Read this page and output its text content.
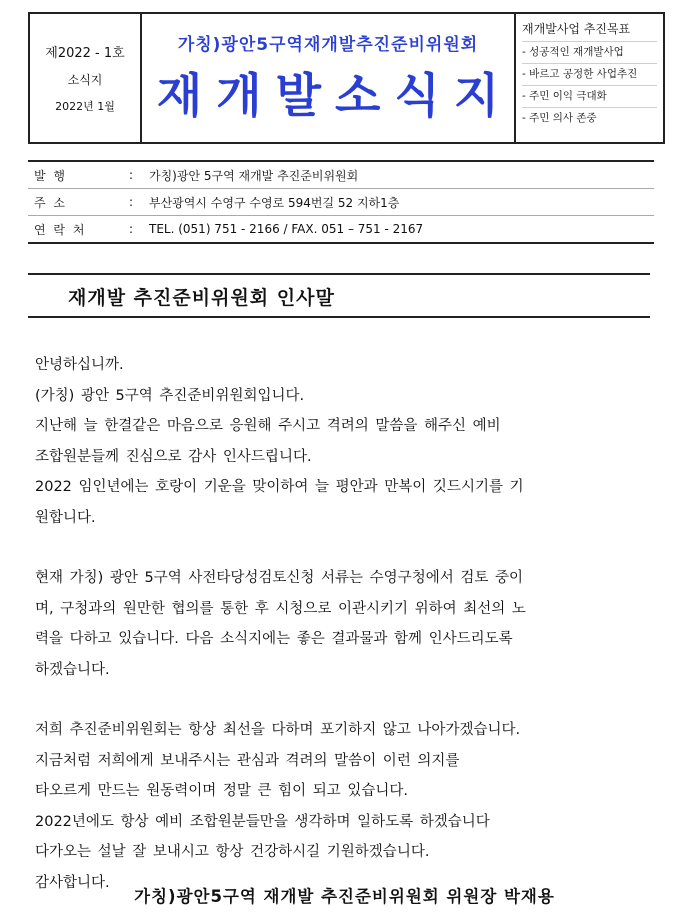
제2022 - 1호
소식지
2022년 1월
가칭)광안5구역재개발추진준비위원회
재개발소식지
재개발사업 추진목표
- 성공적인 재개발사업
- 바르고 공정한 사업추진
- 주민 이익 극대화
- 주민 의사 존중
발 행	:	가칭)광안 5구역 재개발 추진준비위원회
주 소	:	부산광역시 수영구 수영로 594번길 52 지하1층
연 락 처	:	TEL. (051) 751 - 2166 / FAX. 051 – 751 - 2167
재개발 추진준비위원회 인사말

안녕하십니까.

(가칭) 광안 5구역 추진준비위원회입니다.

지난해 늘 한결같은 마음으로 응원해 주시고 격려의 말씀을 해주신 예비

조합원분들께 진심으로 감사 인사드립니다.

2022 임인년에는 호랑이 기운을 맞이하여 늘 평안과 만복이 깃드시기를 기

원합니다.

현재 가칭) 광안 5구역 사전타당성검토신청 서류는 수영구청에서 검토 중이

며, 구청과의 원만한 협의를 통한 후 시청으로 이관시키기 위하여 최선의 노

력을 다하고 있습니다. 다음 소식지에는 좋은 결과물과 함께 인사드리도록

하겠습니다.

저희 추진준비위원회는 항상 최선을 다하며 포기하지 않고 나아가겠습니다.

지금처럼 저희에게 보내주시는 관심과 격려의 말씀이 이런 의지를

타오르게 만드는 원동력이며 정말 큰 힘이 되고 있습니다.

2022년에도 항상 예비 조합원분들만을 생각하며 일하도록 하겠습니다

다가오는 설날 잘 보내시고 항상 건강하시길 기원하겠습니다.

감사합니다.

가칭)광안5구역 재개발 추진준비위원회 위원장 박재용
